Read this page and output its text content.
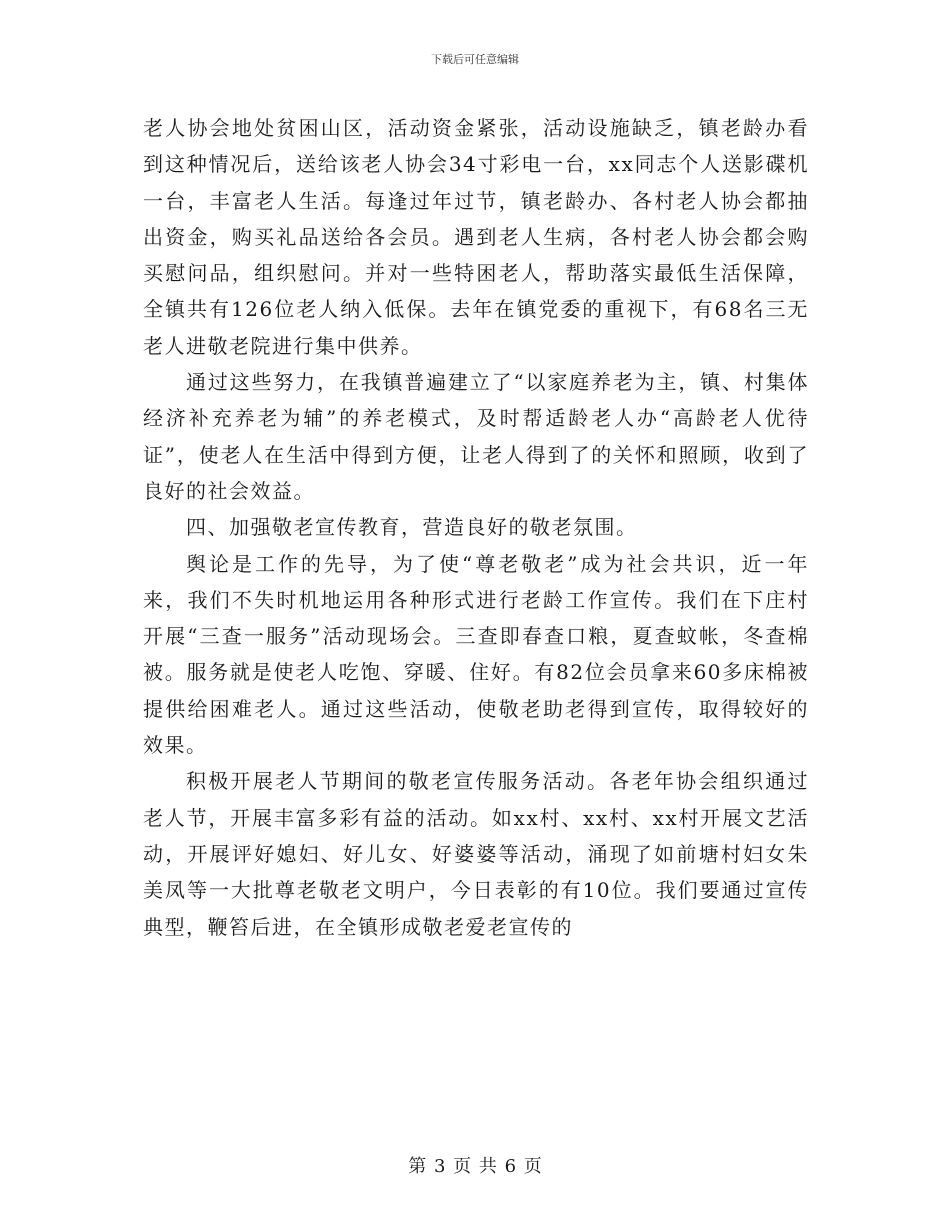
下载后可任意编辑

老人协会地处贫困山区，活动资金紧张，活动设施缺乏，镇老龄办看到这种情况后，送给该老人协会34寸彩电一台，xx同志个人送影碟机一台，丰富老人生活。每逢过年过节，镇老龄办、各村老人协会都抽出资金，购买礼品送给各会员。遇到老人生病，各村老人协会都会购买慰问品，组织慰问。并对一些特困老人，帮助落实最低生活保障，全镇共有126位老人纳入低保。去年在镇党委的重视下，有68名三无老人进敬老院进行集中供养。

通过这些努力，在我镇普遍建立了“以家庭养老为主，镇、村集体经济补充养老为辅”的养老模式，及时帮适龄老人办“高龄老人优待证”，使老人在生活中得到方便，让老人得到了的关怀和照顾，收到了良好的社会效益。

四、加强敬老宣传教育，营造良好的敬老氛围。

舆论是工作的先导，为了使“尊老敬老”成为社会共识，近一年来，我们不失时机地运用各种形式进行老龄工作宣传。我们在下庄村开展“三查一服务”活动现场会。三查即春查口粮，夏查蚊帐，冬查棉被。服务就是使老人吃饱、穿暖、住好。有82位会员拿来60多床棉被提供给困难老人。通过这些活动，使敬老助老得到宣传，取得较好的效果。

积极开展老人节期间的敬老宣传服务活动。各老年协会组织通过老人节，开展丰富多彩有益的活动。如xx村、xx村、xx村开展文艺活动，开展评好媳妇、好儿女、好婆婆等活动，涌现了如前塘村妇女朱美凤等一大批尊老敬老文明户，今日表彰的有10位。我们要通过宣传典型，鞭笞后进，在全镇形成敬老爱老宣传的

第 3 页 共 6 页
